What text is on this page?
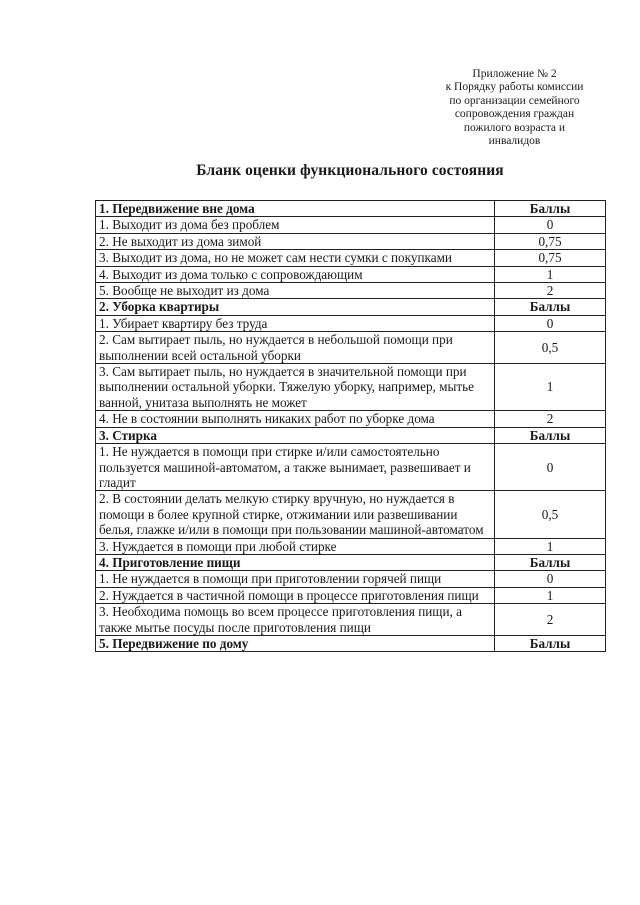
Приложение № 2
к Порядку работы комиссии
по организации семейного
сопровождения граждан
пожилого возраста и
инвалидов
Бланк оценки функционального состояния
1. Передвижение вне дома	Баллы
1. Выходит из дома без проблем	0
2. Не выходит из дома зимой	0,75
3. Выходит из дома, но не может сам нести сумки с покупками	0,75
4. Выходит из дома только с сопровождающим	1
5. Вообще не выходит из дома	2
2. Уборка квартиры	Баллы
1. Убирает квартиру без труда	0
2. Сам вытирает пыль, но нуждается в небольшой помощи при выполнении всей остальной уборки	0,5
3. Сам вытирает пыль, но нуждается в значительной помощи при выполнении остальной уборки. Тяжелую уборку, например, мытье ванной, унитаза выполнять не может	1
4. Не в состоянии выполнять никаких работ по уборке дома	2
3. Стирка	Баллы
1. Не нуждается в помощи при стирке и/или самостоятельно пользуется машиной-автоматом, а также вынимает, развешивает и гладит	0
2. В состоянии делать мелкую стирку вручную, но нуждается в помощи в более крупной стирке, отжимании или развешивании белья, глажке и/или в помощи при пользовании машиной-автоматом	0,5
3. Нуждается в помощи при любой стирке	1
4. Приготовление пищи	Баллы
1. Не нуждается в помощи при приготовлении горячей пищи	0
2. Нуждается в частичной помощи в процессе приготовления пищи	1
3. Необходима помощь во всем процессе приготовления пищи, а также мытье посуды после приготовления пищи	2
5. Передвижение по дому	Баллы
